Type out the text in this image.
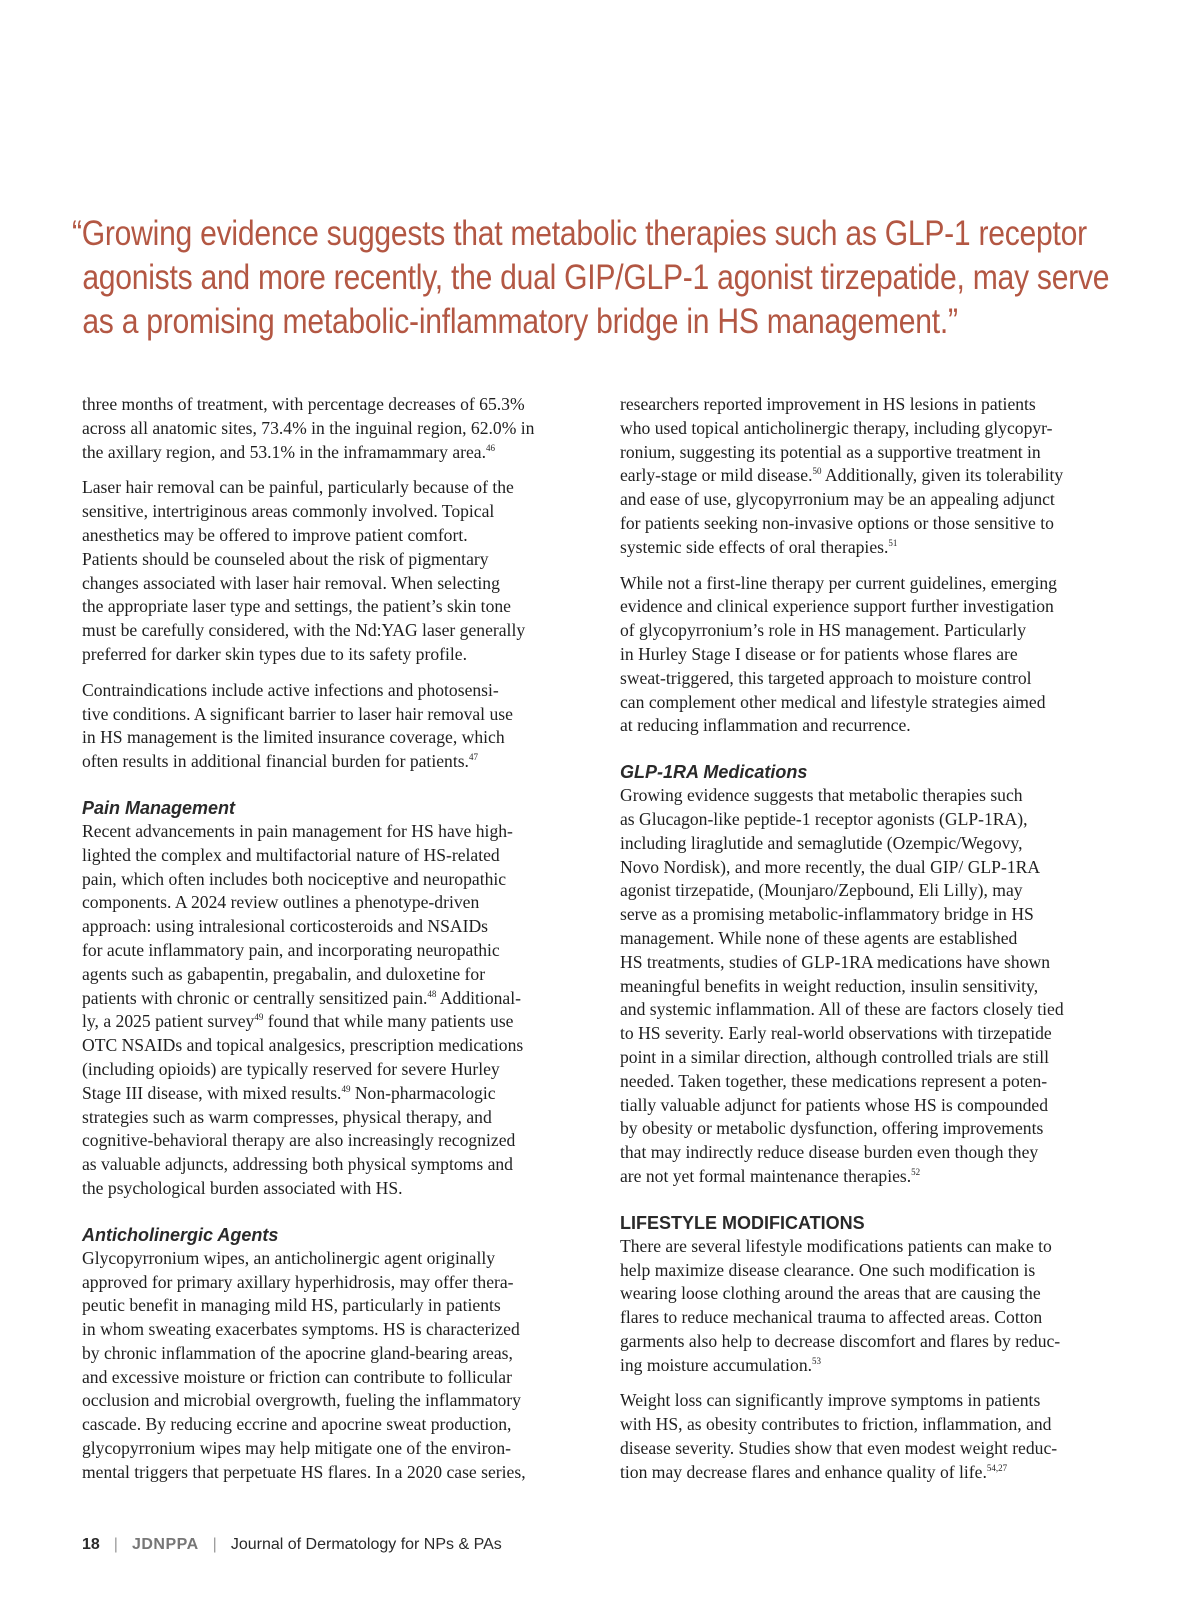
“Growing evidence suggests that metabolic therapies such as GLP-1 receptor
agonists and more recently, the dual GIP/GLP-1 agonist tirzepatide, may serve
as a promising metabolic-inflammatory bridge in HS management.”
three months of treatment, with percentage decreases of 65.3%
across all anatomic sites, 73.4% in the inguinal region, 62.0% in
the axillary region, and 53.1% in the inframammary area.$^{46}$
Laser hair removal can be painful, particularly because of the
sensitive, intertriginous areas commonly involved. Topical
anesthetics may be offered to improve patient comfort.
Patients should be counseled about the risk of pigmentary
changes associated with laser hair removal. When selecting
the appropriate laser type and settings, the patient’s skin tone
must be carefully considered, with the Nd:YAG laser generally
preferred for darker skin types due to its safety profile.
Contraindications include active infections and photosensi-
tive conditions. A significant barrier to laser hair removal use
in HS management is the limited insurance coverage, which
often results in additional financial burden for patients.$^{47}$
Pain Management
Recent advancements in pain management for HS have high-
lighted the complex and multifactorial nature of HS-related
pain, which often includes both nociceptive and neuropathic
components. A 2024 review outlines a phenotype-driven
approach: using intralesional corticosteroids and NSAIDs
for acute inflammatory pain, and incorporating neuropathic
agents such as gabapentin, pregabalin, and duloxetine for
patients with chronic or centrally sensitized pain.$^{48}$ Additional-
ly, a 2025 patient survey$^{49}$ found that while many patients use
OTC NSAIDs and topical analgesics, prescription medications
(including opioids) are typically reserved for severe Hurley
Stage III disease, with mixed results.$^{49}$ Non-pharmacologic
strategies such as warm compresses, physical therapy, and
cognitive-behavioral therapy are also increasingly recognized
as valuable adjuncts, addressing both physical symptoms and
the psychological burden associated with HS.
Anticholinergic Agents
Glycopyrronium wipes, an anticholinergic agent originally
approved for primary axillary hyperhidrosis, may offer thera-
peutic benefit in managing mild HS, particularly in patients
in whom sweating exacerbates symptoms. HS is characterized
by chronic inflammation of the apocrine gland-bearing areas,
and excessive moisture or friction can contribute to follicular
occlusion and microbial overgrowth, fueling the inflammatory
cascade. By reducing eccrine and apocrine sweat production,
glycopyrronium wipes may help mitigate one of the environ-
mental triggers that perpetuate HS flares. In a 2020 case series,
researchers reported improvement in HS lesions in patients
who used topical anticholinergic therapy, including glycopyr-
ronium, suggesting its potential as a supportive treatment in
early-stage or mild disease.$^{50}$ Additionally, given its tolerability
and ease of use, glycopyrronium may be an appealing adjunct
for patients seeking non-invasive options or those sensitive to
systemic side effects of oral therapies.$^{51}$
While not a first-line therapy per current guidelines, emerging
evidence and clinical experience support further investigation
of glycopyrronium’s role in HS management. Particularly
in Hurley Stage I disease or for patients whose flares are
sweat-triggered, this targeted approach to moisture control
can complement other medical and lifestyle strategies aimed
at reducing inflammation and recurrence.
GLP-1RA Medications
Growing evidence suggests that metabolic therapies such
as Glucagon-like peptide-1 receptor agonists (GLP-1RA),
including liraglutide and semaglutide (Ozempic/Wegovy,
Novo Nordisk), and more recently, the dual GIP/ GLP-1RA
agonist tirzepatide, (Mounjaro/Zepbound, Eli Lilly), may
serve as a promising metabolic-inflammatory bridge in HS
management. While none of these agents are established
HS treatments, studies of GLP-1RA medications have shown
meaningful benefits in weight reduction, insulin sensitivity,
and systemic inflammation. All of these are factors closely tied
to HS severity. Early real-world observations with tirzepatide
point in a similar direction, although controlled trials are still
needed. Taken together, these medications represent a poten-
tially valuable adjunct for patients whose HS is compounded
by obesity or metabolic dysfunction, offering improvements
that may indirectly reduce disease burden even though they
are not yet formal maintenance therapies.$^{52}$
LIFESTYLE MODIFICATIONS
There are several lifestyle modifications patients can make to
help maximize disease clearance. One such modification is
wearing loose clothing around the areas that are causing the
flares to reduce mechanical trauma to affected areas. Cotton
garments also help to decrease discomfort and flares by reduc-
ing moisture accumulation.$^{53}$
Weight loss can significantly improve symptoms in patients
with HS, as obesity contributes to friction, inflammation, and
disease severity. Studies show that even modest weight reduc-
tion may decrease flares and enhance quality of life.$^{54,27}$
18 | JDNPPA | Journal of Dermatology for NPs & PAs
